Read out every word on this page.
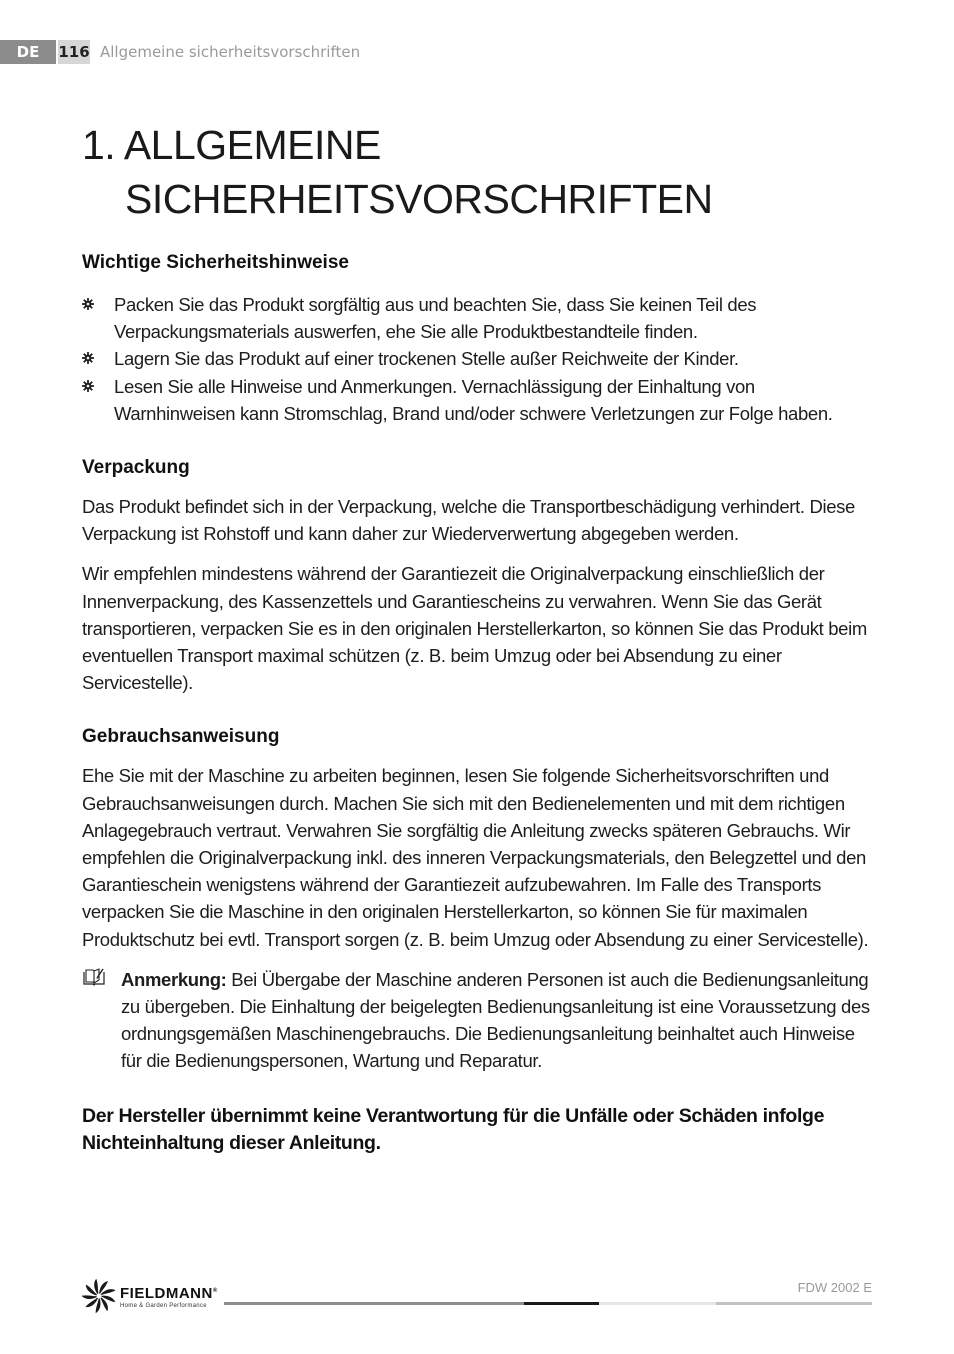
DE	116 Allgemeine sicherheitsvorschriften
1. ALLGEMEINE
SICHERHEITSVORSCHRIFTEN
Wichtige Sicherheitshinweise
Packen Sie das Produkt sorgfältig aus und beachten Sie, dass Sie keinen Teil des Verpackungsmaterials auswerfen, ehe Sie alle Produktbestandteile finden.
Lagern Sie das Produkt auf einer trockenen Stelle außer Reichweite der Kinder.
Lesen Sie alle Hinweise und Anmerkungen. Vernachlässigung der Einhaltung von Warnhinweisen kann Stromschlag, Brand und/oder schwere Verletzungen zur Folge haben.
Verpackung

Das Produkt befindet sich in der Verpackung, welche die Transportbeschädigung verhindert. Diese Verpackung ist Rohstoff und kann daher zur Wiederverwertung abgegeben werden.

Wir empfehlen mindestens während der Garantiezeit die Originalverpackung einschließlich der Innenverpackung, des Kassenzettels und Garantiescheins zu verwahren. Wenn Sie das Gerät transportieren, verpacken Sie es in den originalen Herstellerkarton, so können Sie das Produkt beim eventuellen Transport maximal schützen (z. B. beim Umzug oder bei Absendung zu einer Servicestelle).

Gebrauchsanweisung

Ehe Sie mit der Maschine zu arbeiten beginnen, lesen Sie folgende Sicherheitsvorschriften und Gebrauchsanweisungen durch. Machen Sie sich mit den Bedienelementen und mit dem richtigen Anlagegebrauch vertraut. Verwahren Sie sorgfältig die Anleitung zwecks späteren Gebrauchs. Wir empfehlen die Originalverpackung inkl. des inneren Verpackungsmaterials, den Belegzettel und den Garantieschein wenigstens während der Garantiezeit aufzubewahren. Im Falle des Transports verpacken Sie die Maschine in den originalen Herstellerkarton, so können Sie für maximalen Produktschutz bei evtl. Transport sorgen (z. B. beim Umzug oder Absendung zu einer Servicestelle).

Anmerkung: Bei Übergabe der Maschine anderen Personen ist auch die Bedienungsanleitung zu übergeben. Die Einhaltung der beigelegten Bedienungsanleitung ist eine Voraussetzung des ordnungsgemäßen Maschinengebrauchs. Die Bedienungsanleitung beinhaltet auch Hinweise für die Bedienungspersonen, Wartung und Reparatur.

Der Hersteller übernimmt keine Verantwortung für die Unfälle oder Schäden infolge Nichteinhaltung dieser Anleitung.

FIELDMANN®
Home & Garden Performance
FDW 2002 E
